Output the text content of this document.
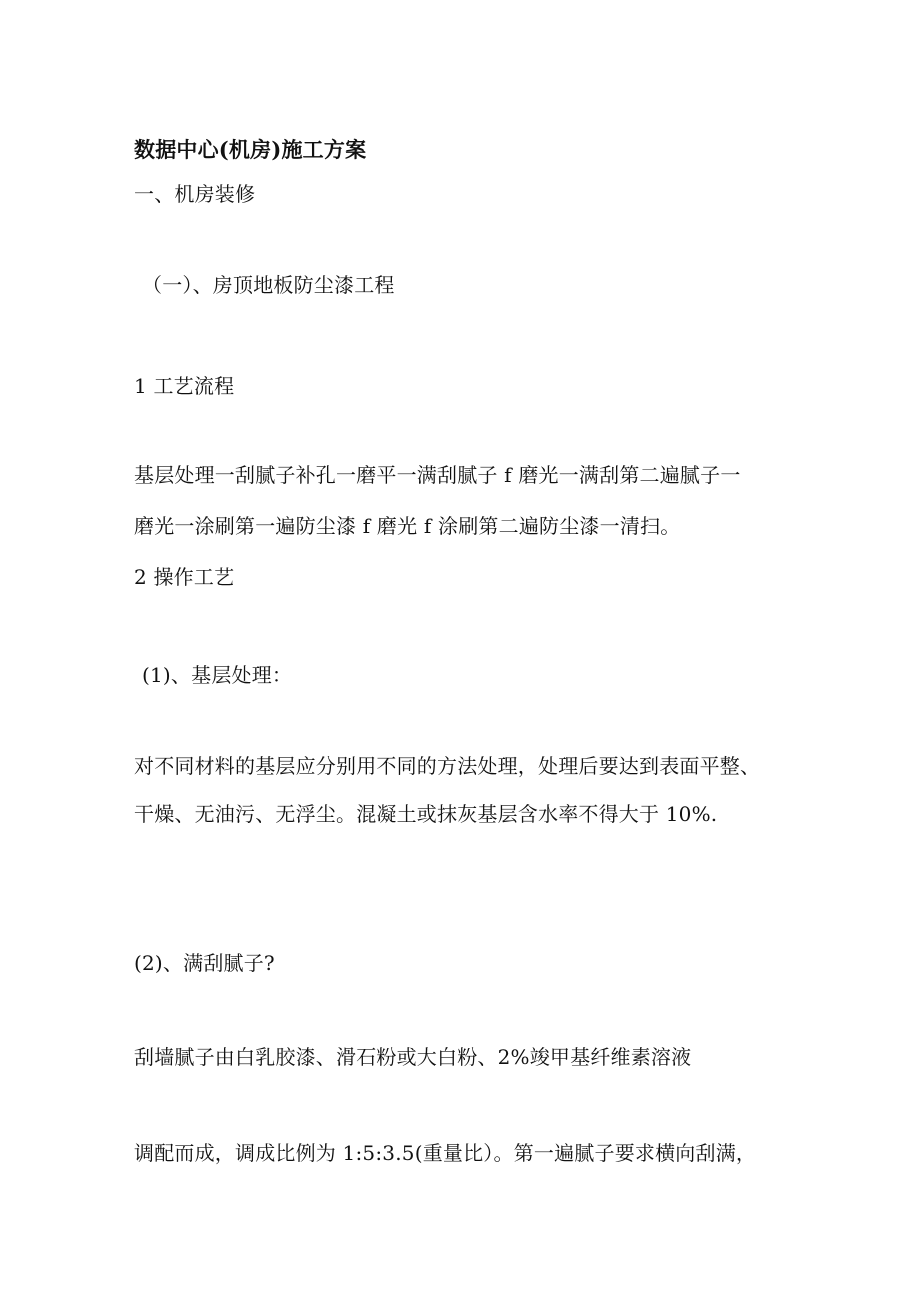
数据中心(机房)施工方案
一、机房装修
（一）、房顶地板防尘漆工程
1 工艺流程
基层处理一刮腻子补孔一磨平一满刮腻子 f 磨光一满刮第二遍腻子一
磨光一涂刷第一遍防尘漆 f 磨光 f 涂刷第二遍防尘漆一清扫。
2 操作工艺
(1)、基层处理：
对不同材料的基层应分别用不同的方法处理，处理后要达到表面平整、
干燥、无油污、无浮尘。混凝土或抹灰基层含水率不得大于 10%.
(2)、满刮腻子?
刮墙腻子由白乳胶漆、滑石粉或大白粉、2%竣甲基纤维素溶液
调配而成，调成比例为 1:5:3.5(重量比）。第一遍腻子要求横向刮满，
